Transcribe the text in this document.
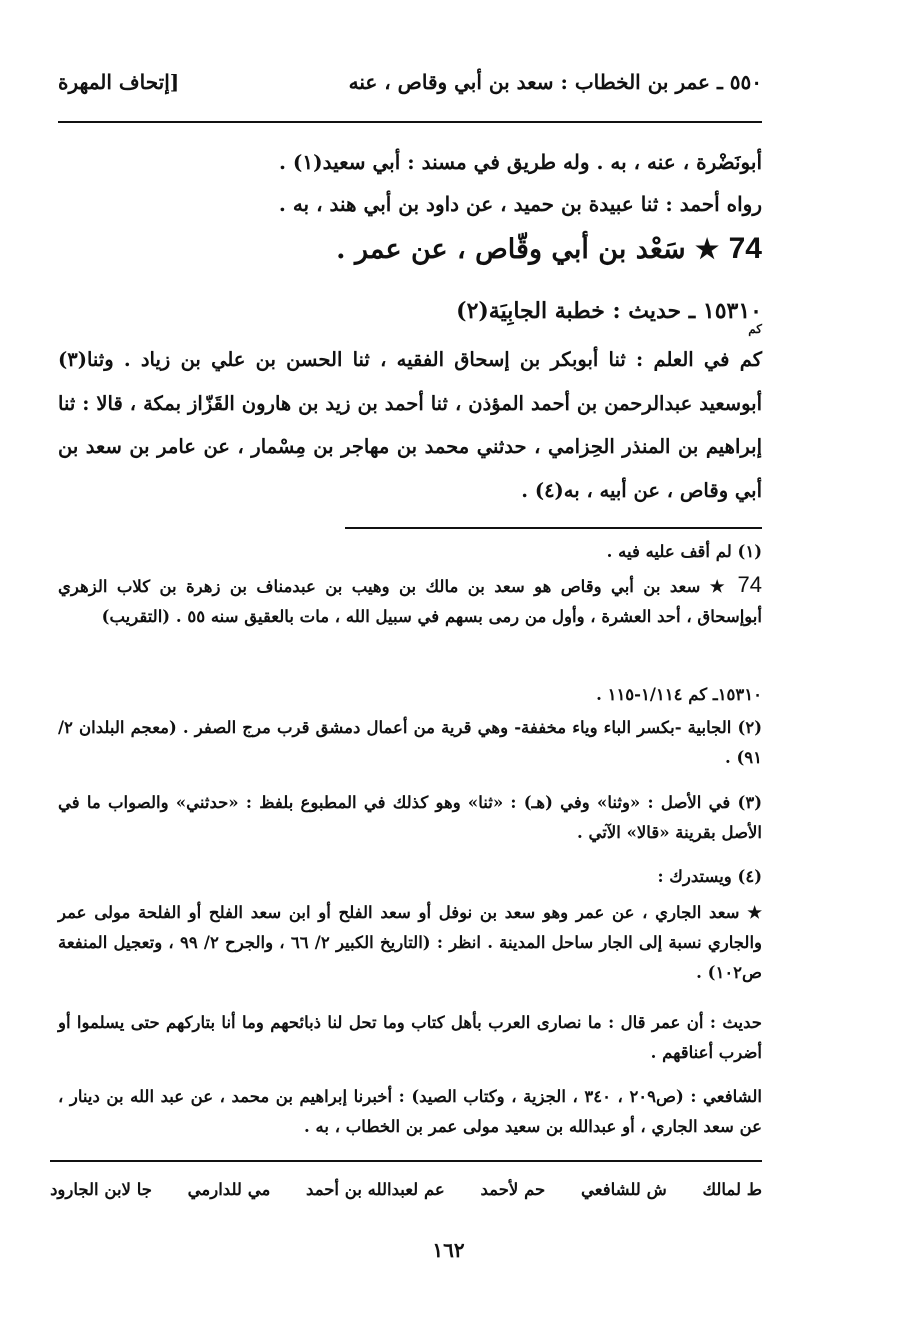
٥٥٠ ـ عمر بن الخطاب : سعد بن أبي وقاص ، عنه
[إتحاف المهرة
أبونَضْرة ، عنه ، به . وله طريق في مسند : أبي سعيد(١) .
رواه أحمد : ثنا عبيدة بن حميد ، عن داود بن أبي هند ، به .
74 ★ سَعْد بن أبي وقّاص ، عن عمر .
١٥٣١٠ ـ حديث : خطبة الجابِيَة(٢)
كم
كم في العلم : ثنا أبوبكر بن إسحاق الفقيه ، ثنا الحسن بن علي بن زياد . وثنا(٣) أبوسعيد عبدالرحمن بن أحمد المؤذن ، ثنا أحمد بن زيد بن هارون القَزّاز بمكة ، قالا : ثنا إبراهيم بن المنذر الحِزامي ، حدثني محمد بن مهاجر بن مِسْمار ، عن عامر بن سعد بن أبي وقاص ، عن أبيه ، به(٤) .
(١) لم أقف عليه فيه .
74 ★ سعد بن أبي وقاص هو سعد بن مالك بن وهيب بن عبدمناف بن زهرة بن كلاب الزهري أبوإسحاق ، أحد العشرة ، وأول من رمى بسهم في سبيل الله ، مات بالعقيق سنه ٥٥ . (التقريب)
١٥٣١٠ـ كم ١/١١٤-١١٥ .
(٢) الجابية -بكسر الباء وياء مخففة- وهي قرية من أعمال دمشق قرب مرج الصفر . (معجم البلدان ٢/ ٩١) .
(٣) في الأصل : «وثنا» وفي (هـ) : «ثنا» وهو كذلك في المطبوع بلفظ : «حدثني» والصواب ما في الأصل بقرينة «قالا» الآتي .
(٤) ويستدرك :
★ سعد الجاري ، عن عمر وهو سعد بن نوفل أو سعد الفلح أو ابن سعد الفلح أو الفلحة مولى عمر والجاري نسبة إلى الجار ساحل المدينة . انظر : (التاريخ الكبير ٢/ ٦٦ ، والجرح ٢/ ٩٩ ، وتعجيل المنفعة ص١٠٢) .
حديث : أن عمر قال : ما نصارى العرب بأهل كتاب وما تحل لنا ذبائحهم وما أنا بتاركهم حتى يسلموا أو أضرب أعناقهم .
الشافعي : (ص٢٠٩ ، ٣٤٠ ، الجزية ، وكتاب الصيد) : أخبرنا إبراهيم بن محمد ، عن عبد الله بن دينار ، عن سعد الجاري ، أو عبدالله بن سعيد مولى عمر بن الخطاب ، به .
ط لمالك
ش للشافعي
حم لأحمد
عم لعبدالله بن أحمد
مي للدارمي
جا لابن الجارود
١٦٢
